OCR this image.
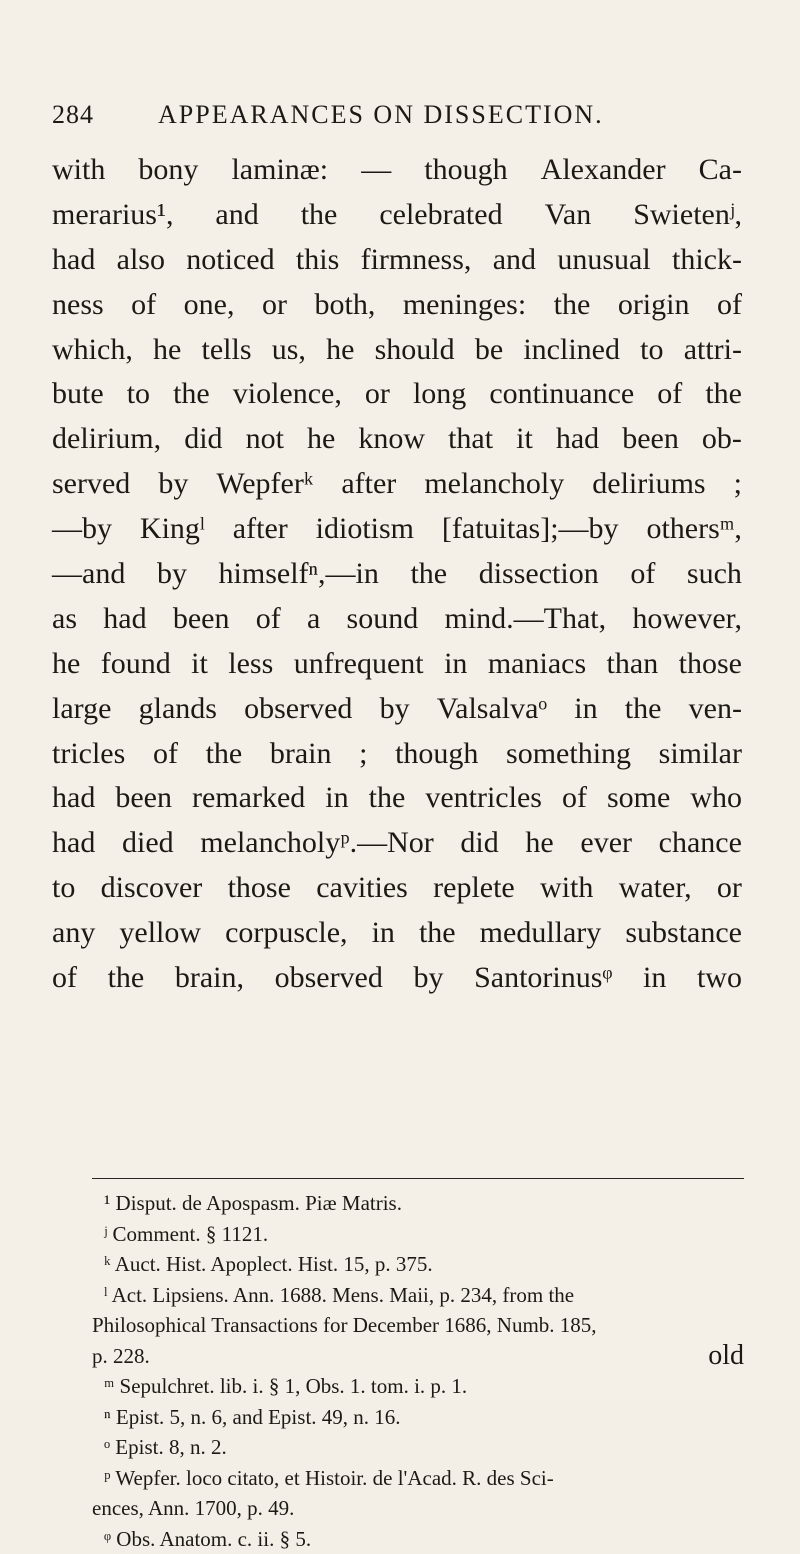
284 APPEARANCES ON DISSECTION.
with bony laminæ: — though Alexander Ca-
merarius¹, and the celebrated Van Swietenʲ,
had also noticed this firmness, and unusual thick-
ness of one, or both, meninges: the origin of
which, he tells us, he should be inclined to attri-
bute to the violence, or long continuance of the
delirium, did not he know that it had been ob-
served by Wepferᵏ after melancholy deliriums ;
—by Kingˡ after idiotism [fatuitas];—by othersᵐ,
—and by himselfⁿ,—in the dissection of such
as had been of a sound mind.—That, however,
he found it less unfrequent in maniacs than those
large glands observed by Valsalvaᵒ in the ven-
tricles of the brain ; though something similar
had been remarked in the ventricles of some who
had died melancholyᵖ.—Nor did he ever chance
to discover those cavities replete with water, or
any yellow corpuscle, in the medullary substance
of the brain, observed by Santorinusᵠ in two
¹ Disput. de Apospasm. Piæ Matris.
ʲ Comment. § 1121.
ᵏ Auct. Hist. Apoplect. Hist. 15, p. 375.
ˡ Act. Lipsiens. Ann. 1688. Mens. Maii, p. 234, from the
Philosophical Transactions for December 1686, Numb. 185,
p. 228.
ᵐ Sepulchret. lib. i. § 1, Obs. 1. tom. i. p. 1.
ⁿ Epist. 5, n. 6, and Epist. 49, n. 16.
ᵒ Epist. 8, n. 2.
ᵖ Wepfer. loco citato, et Histoir. de l'Acad. R. des Sci-
ences, Ann. 1700, p. 49.
ᵠ Obs. Anatom. c. ii. § 5.
old
